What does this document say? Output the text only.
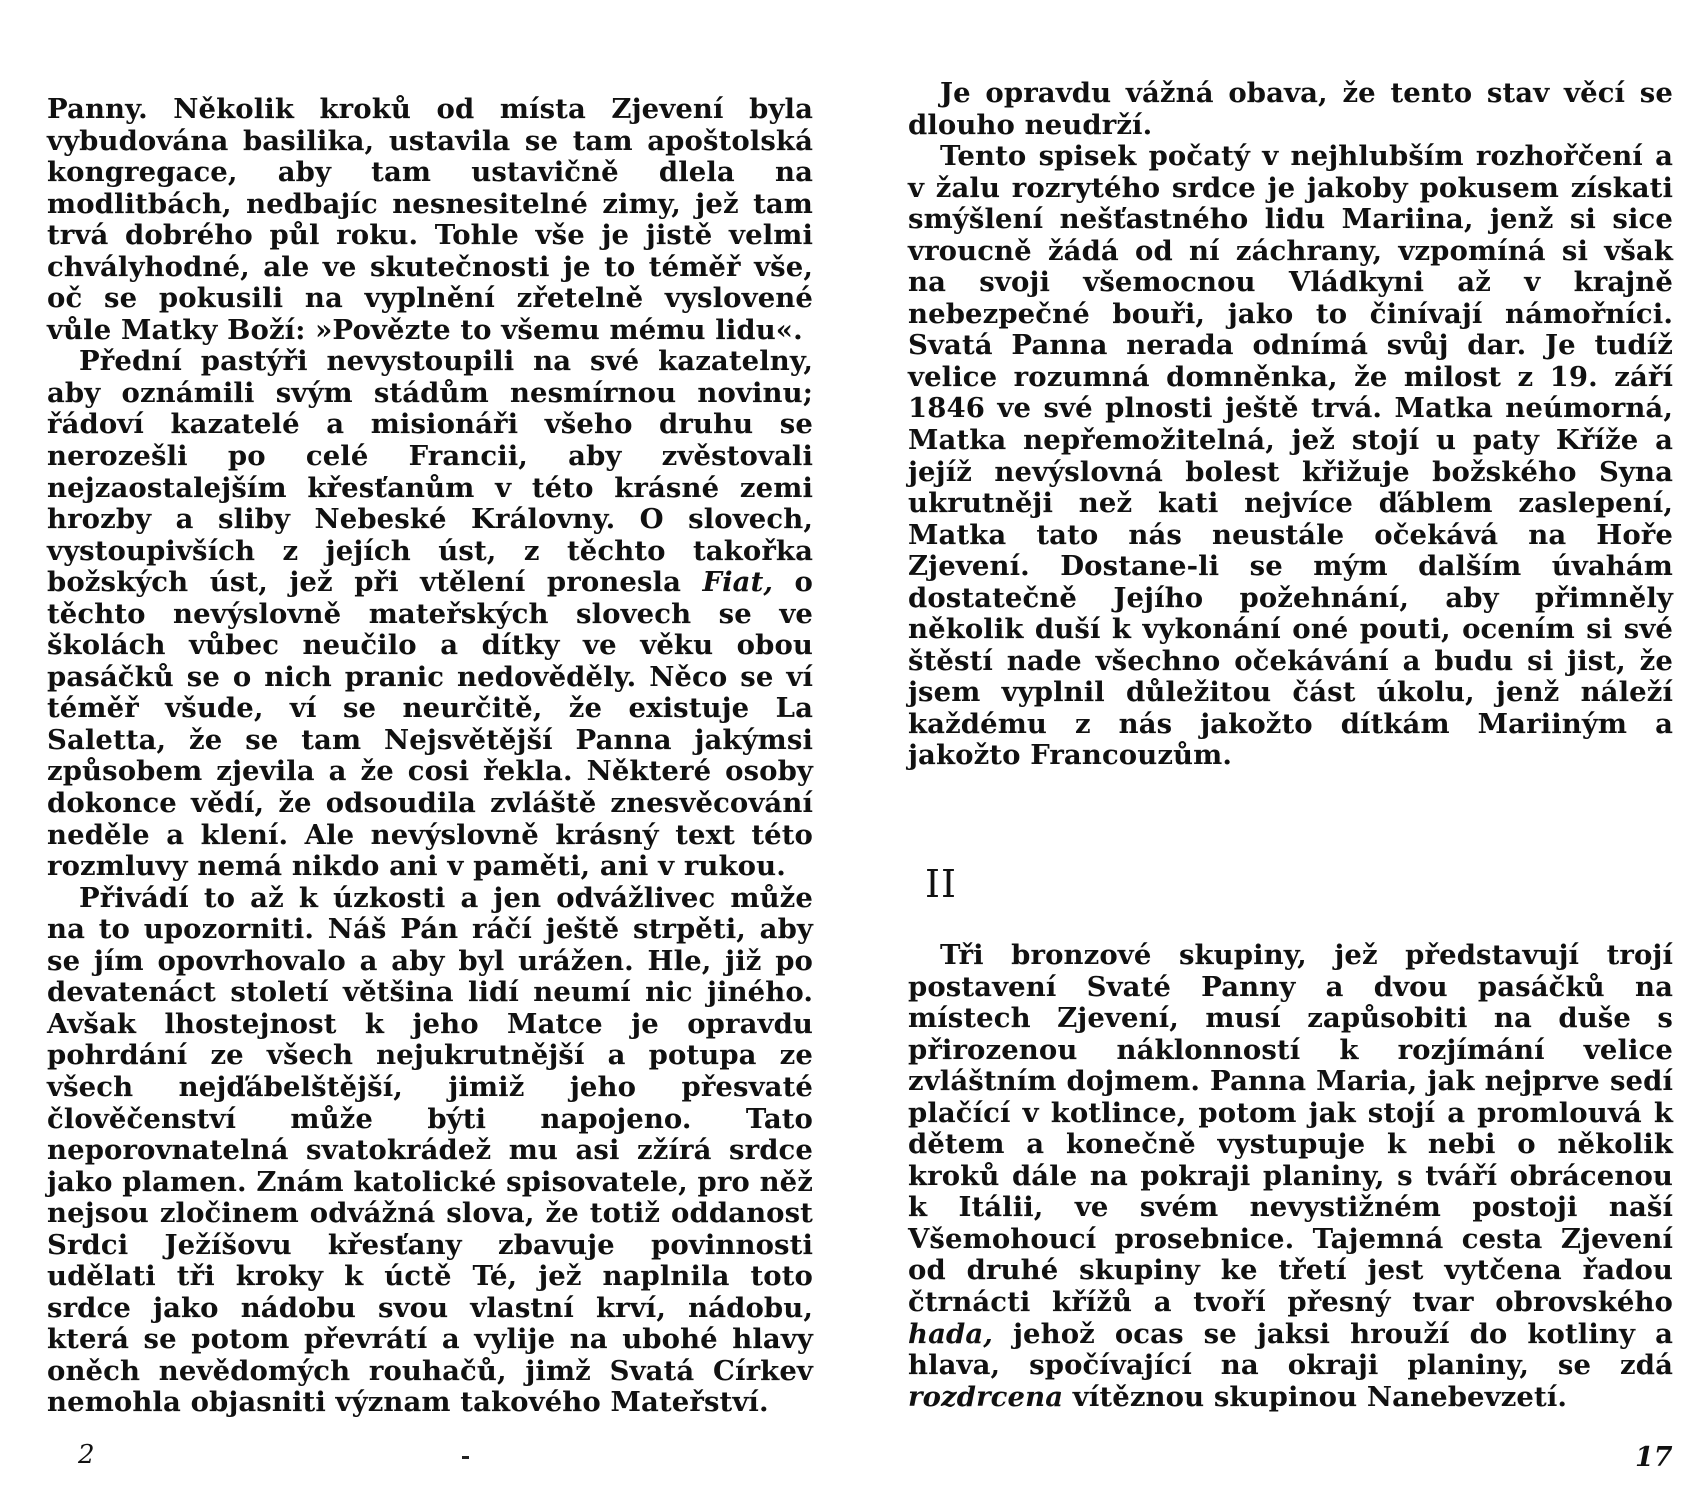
Panny. Několik kroků od místa Zjevení byla vybudována basilika, ustavila se tam apoštolská kongregace, aby tam ustavičně dlela na modlitbách, nedbajíc nesnesitelné zimy, jež tam trvá dobrého půl roku. Tohle vše je jistě velmi chvályhodné, ale ve skutečnosti je to téměř vše, oč se pokusili na vyplnění zřetelně vyslovené vůle Matky Boží: »Povězte to všemu mému lidu«.

Přední pastýři nevystoupili na své kazatelny, aby oznámili svým stádům nesmírnou novinu; řádoví kazatelé a misionáři všeho druhu se nerozešli po celé Francii, aby zvěstovali nejzaostalejším křesťanům v této krásné zemi hrozby a sliby Nebeské Královny. O slovech, vystoupivších z jejích úst, z těchto takořka božských úst, jež při vtělení pronesla Fiat, o těchto nevýslovně mateřských slovech se ve školách vůbec neučilo a dítky ve věku obou pasáčků se o nich pranic nedověděly. Něco se ví téměř všude, ví se neurčitě, že existuje La Saletta, že se tam Nejsvětější Panna jakýmsi způsobem zjevila a že cosi řekla. Některé osoby dokonce vědí, že odsoudila zvláště znesvěcování neděle a klení. Ale nevýslovně krásný text této rozmluvy nemá nikdo ani v paměti, ani v rukou.

Přivádí to až k úzkosti a jen odvážlivec může na to upozorniti. Náš Pán ráčí ještě strpěti, aby se jím opovrhovalo a aby byl urážen. Hle, již po devatenáct století většina lidí neumí nic jiného. Avšak lhostejnost k jeho Matce je opravdu pohrdání ze všech nejukrutnější a potupa ze všech nejďábelštější, jimiž jeho přesvaté člověčenství může býti napojeno. Tato neporovnatelná svatokrádež mu asi zžírá srdce jako plamen. Znám katolické spisovatele, pro něž nejsou zločinem odvážná slova, že totiž oddanost Srdci Ježíšovu křesťany zbavuje povinnosti udělati tři kroky k úctě Té, jež naplnila toto srdce jako nádobu svou vlastní krví, nádobu, která se potom převrátí a vylije na ubohé hlavy oněch nevědomých rouhačů, jimž Svatá Církev nemohla objasniti význam takového Mateřství.

2

Je opravdu vážná obava, že tento stav věcí se dlouho neudrží.

Tento spisek počatý v nejhlubším rozhořčení a v žalu rozrytého srdce je jakoby pokusem získati smýšlení nešťastného lidu Mariina, jenž si sice vroucně žádá od ní záchrany, vzpomíná si však na svoji všemocnou Vládkyni až v krajně nebezpečné bouři, jako to činívají námořníci. Svatá Panna nerada odnímá svůj dar. Je tudíž velice rozumná domněnka, že milost z 19. září 1846 ve své plnosti ještě trvá. Matka neúmorná, Matka nepřemožitelná, jež stojí u paty Kříže a jejíž nevýslovná bolest křižuje božského Syna ukrutněji než kati nejvíce ďáblem zaslepení, Matka tato nás neustále očekává na Hoře Zjevení. Dostane-li se mým dalším úvahám dostatečně Jejího požehnání, aby přimněly několik duší k vykonání oné pouti, ocením si své štěstí nade všechno očekávání a budu si jist, že jsem vyplnil důležitou část úkolu, jenž náleží každému z nás jakožto dítkám Mariiným a jakožto Francouzům.

II

Tři bronzové skupiny, jež představují trojí postavení Svaté Panny a dvou pasáčků na místech Zjevení, musí zapůsobiti na duše s přirozenou náklonností k rozjímání velice zvláštním dojmem. Panna Maria, jak nejprve sedí plačící v kotlince, potom jak stojí a promlouvá k dětem a konečně vystupuje k nebi o několik kroků dále na pokraji planiny, s tváří obrácenou k Itálii, ve svém nevystižném postoji naší Všemohoucí prosebnice. Tajemná cesta Zjevení od druhé skupiny ke třetí jest vytčena řadou čtrnácti křížů a tvoří přesný tvar obrovského hada, jehož ocas se jaksi hrouží do kotliny a hlava, spočívající na okraji planiny, se zdá rozdrcena vítěznou skupinou Nanebevzetí.

17
